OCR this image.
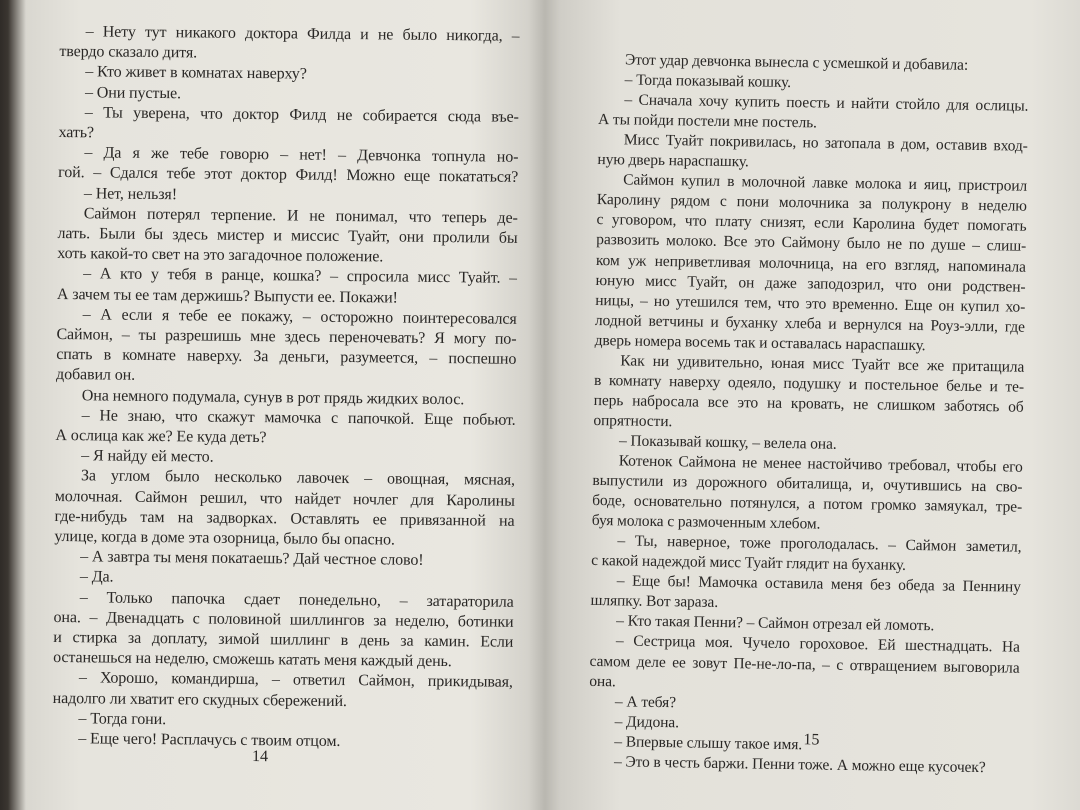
– Нету тут никакого доктора Филда и не было никогда, –
твердо сказало дитя.
– Кто живет в комнатах наверху?
– Они пустые.
– Ты уверена, что доктор Филд не собирается сюда въе-
хать?
– Да я же тебе говорю – нет! – Девчонка топнула но-
гой. – Сдался тебе этот доктор Филд! Можно еще покататься?
– Нет, нельзя!
Саймон потерял терпение. И не понимал, что теперь де-
лать. Были бы здесь мистер и миссис Туайт, они пролили бы
хоть какой-то свет на это загадочное положение.
– А кто у тебя в ранце, кошка? – спросила мисс Туайт. –
А зачем ты ее там держишь? Выпусти ее. Покажи!
– А если я тебе ее покажу, – осторожно поинтересовался
Саймон, – ты разрешишь мне здесь переночевать? Я могу по-
спать в комнате наверху. За деньги, разумеется, – поспешно
добавил он.
Она немного подумала, сунув в рот прядь жидких волос.
– Не знаю, что скажут мамочка с папочкой. Еще побьют.
А ослица как же? Ее куда деть?
– Я найду ей место.
За углом было несколько лавочек – овощная, мясная,
молочная. Саймон решил, что найдет ночлег для Каролины
где-нибудь там на задворках. Оставлять ее привязанной на
улице, когда в доме эта озорница, было бы опасно.
– А завтра ты меня покатаешь? Дай честное слово!
– Да.
– Только папочка сдает понедельно, – затараторила
она. – Двенадцать с половиной шиллингов за неделю, ботинки
и стирка за доплату, зимой шиллинг в день за камин. Если
останешься на неделю, сможешь катать меня каждый день.
– Хорошо, командирша, – ответил Саймон, прикидывая,
надолго ли хватит его скудных сбережений.
– Тогда гони.
– Еще чего! Расплачусь с твоим отцом.
14
Этот удар девчонка вынесла с усмешкой и добавила:
– Тогда показывай кошку.
– Сначала хочу купить поесть и найти стойло для ослицы.
А ты пойди постели мне постель.
Мисс Туайт покривилась, но затопала в дом, оставив вход-
ную дверь нараспашку.
Саймон купил в молочной лавке молока и яиц, пристроил
Каролину рядом с пони молочника за полукрону в неделю
с уговором, что плату снизят, если Каролина будет помогать
развозить молоко. Все это Саймону было не по душе – слиш-
ком уж неприветливая молочница, на его взгляд, напоминала
юную мисс Туайт, он даже заподозрил, что они родствен-
ницы, – но утешился тем, что это временно. Еще он купил хо-
лодной ветчины и буханку хлеба и вернулся на Роуз-элли, где
дверь номера восемь так и оставалась нараспашку.
Как ни удивительно, юная мисс Туайт все же притащила
в комнату наверху одеяло, подушку и постельное белье и те-
перь набросала все это на кровать, не слишком заботясь об
опрятности.
– Показывай кошку, – велела она.
Котенок Саймона не менее настойчиво требовал, чтобы его
выпустили из дорожного обиталища, и, очутившись на сво-
боде, основательно потянулся, а потом громко замяукал, тре-
буя молока с размоченным хлебом.
– Ты, наверное, тоже проголодалась. – Саймон заметил,
с какой надеждой мисс Туайт глядит на буханку.
– Еще бы! Мамочка оставила меня без обеда за Пеннину
шляпку. Вот зараза.
– Кто такая Пенни? – Саймон отрезал ей ломоть.
– Сестрица моя. Чучело гороховое. Ей шестнадцать. На
самом деле ее зовут Пе-не-ло-па, – с отвращением выговорила
она.
– А тебя?
– Дидона.
– Впервые слышу такое имя.
– Это в честь баржи. Пенни тоже. А можно еще кусочек?
15
